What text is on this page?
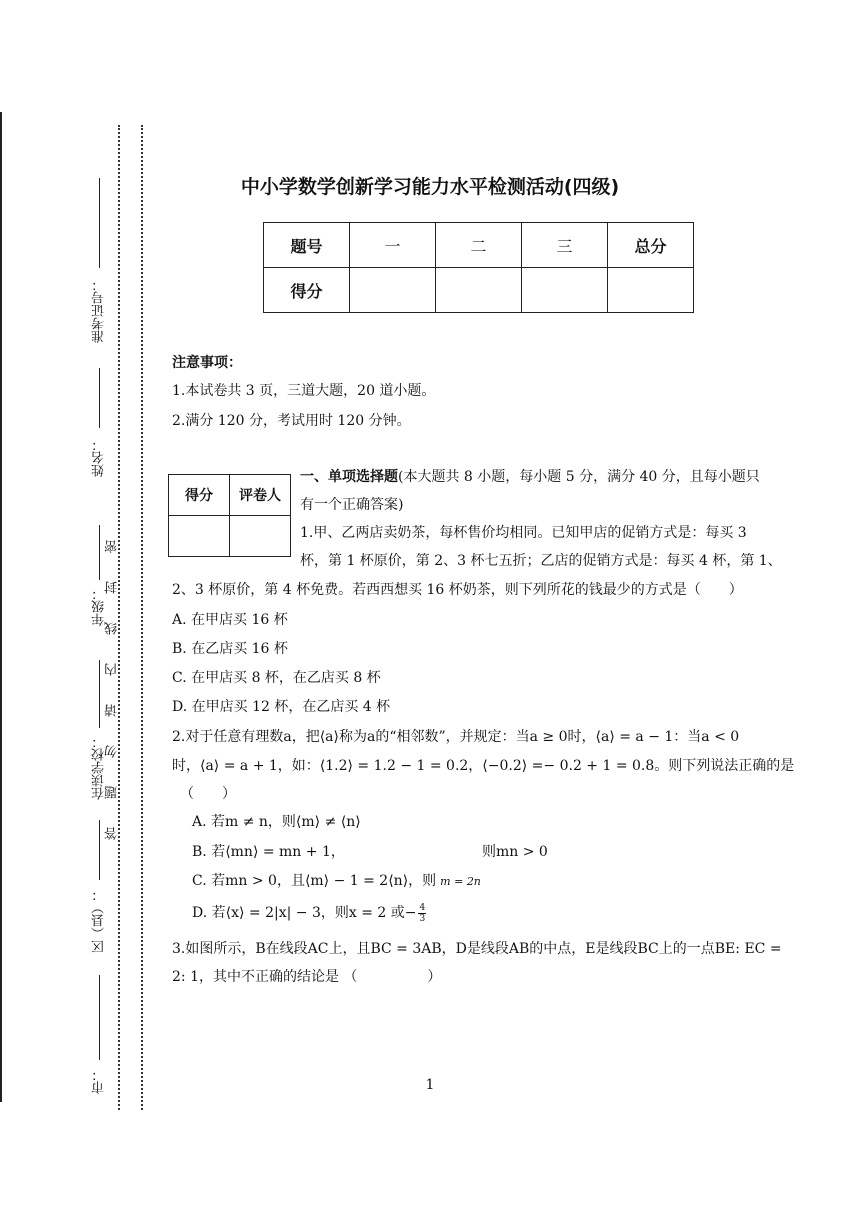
准考证号：
姓名：
年级：
在读学校：
区（县）：
市：
答题勿请内线封密
中小学数学创新学习能力水平检测活动(四级)
题号	一	二	三	总分
得分				
注意事项：
1.本试卷共 3 页，三道大题，20 道小题。
2.满分 120 分，考试用时 120 分钟。
得分	评卷人

一、单项选择题(本大题共 8 小题，每小题 5 分，满分 40 分，且每小题只
有一个正确答案)
1.甲、乙两店卖奶茶，每杯售价均相同。已知甲店的促销方式是：每买 3
杯，第 1 杯原价，第 2、3 杯七五折；乙店的促销方式是：每买 4 杯，第 1、
2、3 杯原价，第 4 杯免费。若西西想买 16 杯奶茶，则下列所花的钱最少的方式是（　　）
A. 在甲店买 16 杯
B. 在乙店买 16 杯
C. 在甲店买 8 杯，在乙店买 8 杯
D. 在甲店买 12 杯，在乙店买 4 杯
2.对于任意有理数a，把⟨a⟩称为a的“相邻数”，并规定：当a ≥ 0时，⟨a⟩ = a − 1：当a < 0
时，⟨a⟩ = a + 1，如：⟨1.2⟩ = 1.2 − 1 = 0.2，⟨−0.2⟩ =− 0.2 + 1 = 0.8。则下列说法正确的是
（　　）
A. 若m ≠ n，则⟨m⟩ ≠ ⟨n⟩
B. 若⟨mn⟩ = mn + 1，	则mn > 0
C. 若mn > 0，且⟨m⟩ − 1 = 2⟨n⟩，则 m = 2n
D. 若⟨x⟩ = 2|x| − 3，则x = 2 或− $\frac{4}{3}$
3.如图所示，B在线段AC上，且BC = 3AB，D是线段AB的中点，E是线段BC上的一点BE: EC =
2: 1，其中不正确的结论是 （　　　　　）
1
